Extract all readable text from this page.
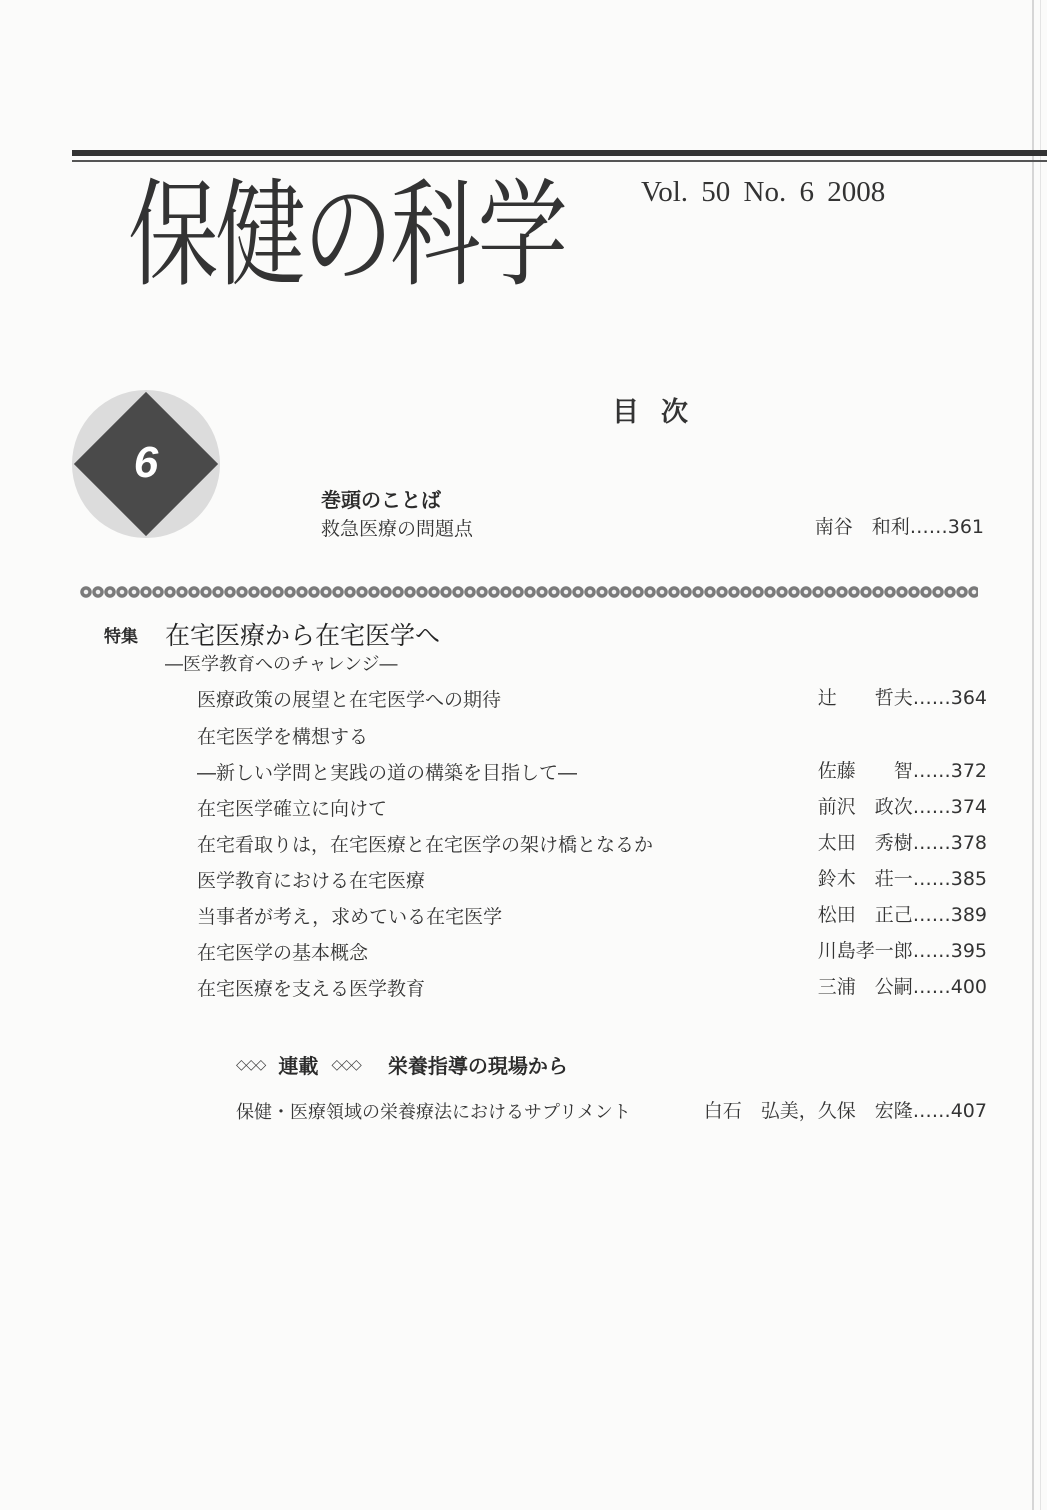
保健の科学	Vol. 50 No. 6 2008
6
目次
巻頭のことば
救急医療の問題点	南谷　和利……361
特集 在宅医療から在宅医学へ
―医学教育へのチャレンジ―
医療政策の展望と在宅医学への期待	辻　　哲夫……364
在宅医学を構想する
―新しい学問と実践の道の構築を目指して―	佐藤　　智……372
在宅医学確立に向けて	前沢　政次……374
在宅看取りは，在宅医療と在宅医学の架け橋となるか	太田　秀樹……378
医学教育における在宅医療	鈴木　荘一……385
当事者が考え，求めている在宅医学	松田　正己……389
在宅医学の基本概念	川島孝一郎……395
在宅医療を支える医学教育	三浦　公嗣……400
◇◇◇ 連載 ◇◇◇ 栄養指導の現場から
保健・医療領域の栄養療法におけるサプリメント	白石　弘美，久保　宏隆……407
